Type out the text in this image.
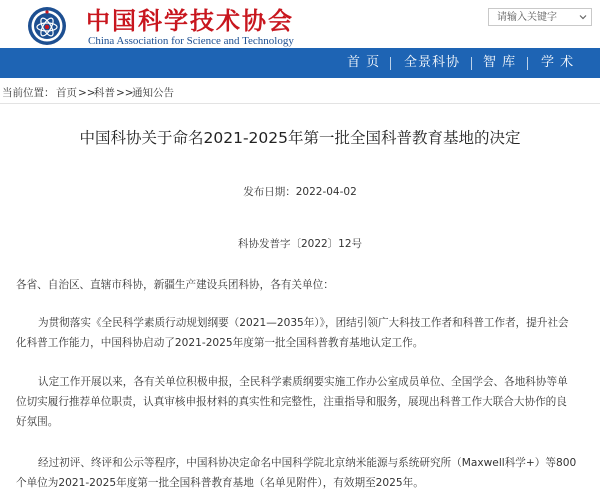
中国科学技术协会
China Association for Science and Technology
请输入关键字
首 页 全景科协 智 库 学 术
当前位置： 首页 >>
科普 >>
通知公告
中国科协关于命名2021-2025年第一批全国科普教育基地的决定
发布日期：2022-04-02
科协发普字〔2022〕12号
各省、自治区、直辖市科协，新疆生产建设兵团科协，各有关单位：
为贯彻落实《全民科学素质行动规划纲要（2021—2035年）》，团结引领广大科技工作者和科普工作者，提升社会
化科普工作能力，中国科协启动了2021-2025年度第一批全国科普教育基地认定工作。
认定工作开展以来，各有关单位积极申报，全民科学素质纲要实施工作办公室成员单位、全国学会、各地科协等单
位切实履行推荐单位职责，认真审核申报材料的真实性和完整性，注重指导和服务，展现出科普工作大联合大协作的良
好氛围。
经过初评、终评和公示等程序，中国科协决定命名中国科学院北京纳米能源与系统研究所（Maxwell科学+）等800
个单位为2021-2025年度第一批全国科普教育基地（名单见附件），有效期至2025年。
